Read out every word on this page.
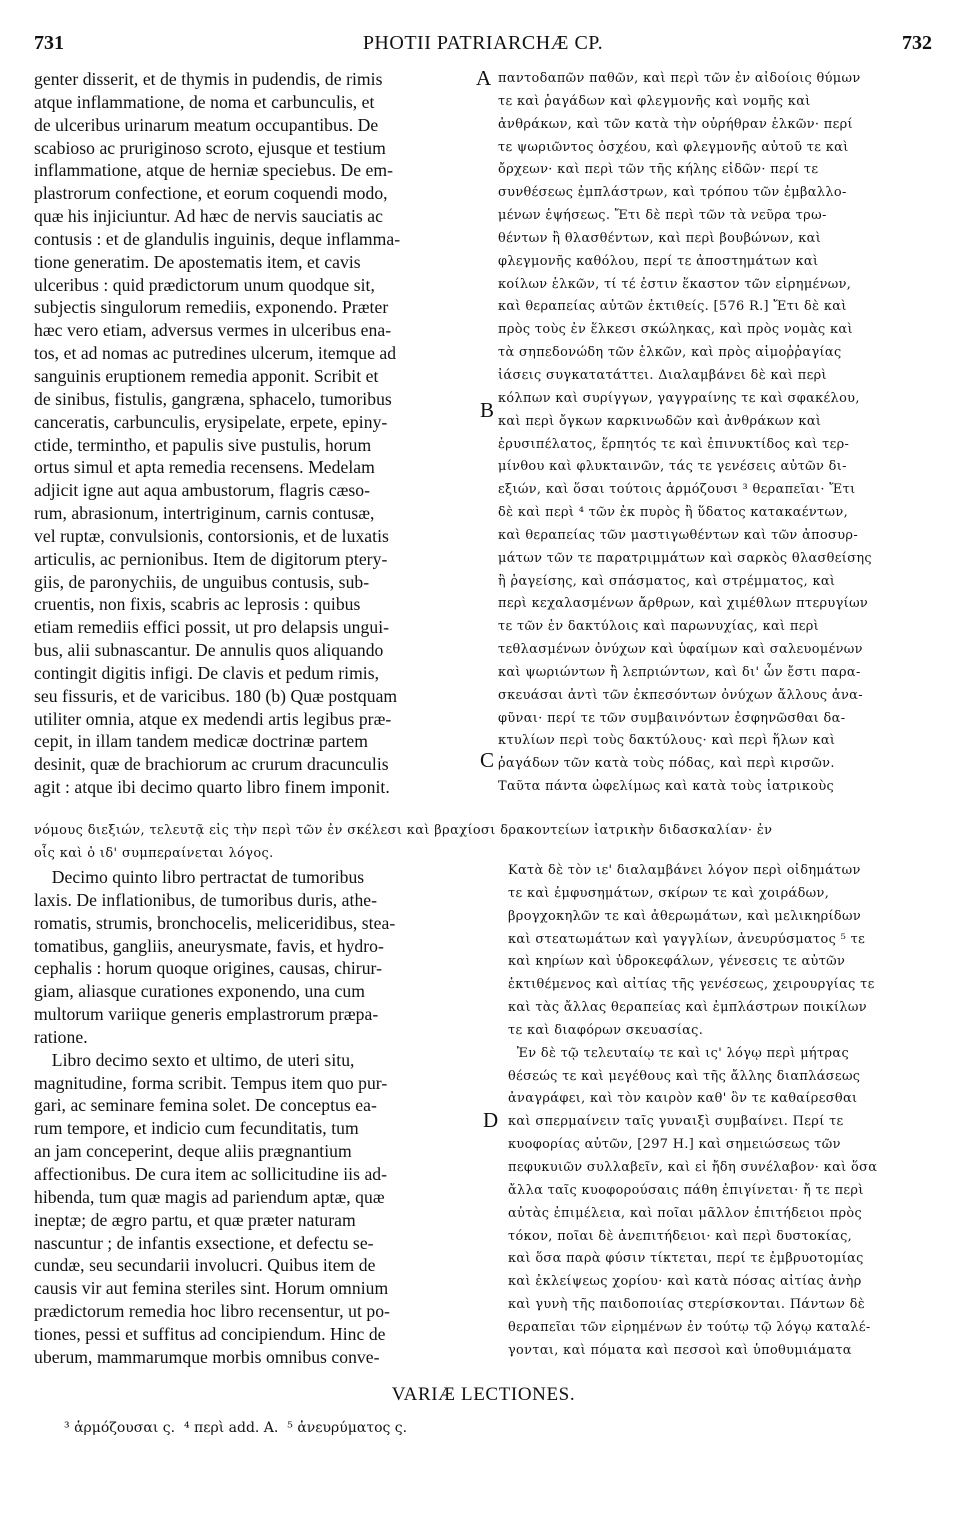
731	PHOTII PATRIARCHÆ CP.	732
genter disserit, et de thymis in pudendis, de rimis
atque inflammatione, de noma et carbunculis, et
de ulceribus urinarum meatum occupantibus. De
scabioso ac pruriginoso scroto, ejusque et testium
inflammatione, atque de herniæ speciebus. De em-
plastrorum confectione, et eorum coquendi modo,
quæ his injiciuntur. Ad hæc de nervis sauciatis ac
contusis : et de glandulis inguinis, deque inflamma-
tione generatim. De apostematis item, et cavis
ulceribus : quid prædictorum unum quodque sit,
subjectis singulorum remediis, exponendo. Præter
hæc vero etiam, adversus vermes in ulceribus ena-
tos, et ad nomas ac putredines ulcerum, itemque ad
sanguinis eruptionem remedia apponit. Scribit et
de sinibus, fistulis, gangræna, sphacelo, tumoribus
canceratis, carbunculis, erysipelate, erpete, epiny-
ctide, terminthо, et papulis sive pustulis, horum
ortus simul et apta remedia recensens. Medelam
adjicit igne aut aqua ambustorum, flagris cæso-
rum, abrasionum, intertriginum, carnis contusæ,
vel ruptæ, convulsionis, contorsionis, et de luxatis
articulis, ac pernionibus. Item de digitorum ptery-
giis, de paronychiis, de unguibus contusis, sub-
cruentis, non fixis, scabris ac leprosis : quibus
etiam remediis effici possit, ut pro delapsis ungui-
bus, alii subnascantur. De annulis quos aliquando
contingit digitis infigi. De clavis et pedum rimis,
seu fissuris, et de varicibus. 180 (b) Quæ postquam
utiliter omnia, atque ex medendi artis legibus præ-
cepit, in illam tandem medicæ doctrinæ partem
desinit, quæ de brachiorum ac crurum dracunculis
agit : atque ibi decimo quarto libro finem imponit.
παντοδαπῶν παθῶν, καὶ περὶ τῶν ἐν αἰδοίοις θύμων
τε καὶ ῥαγάδων καὶ φλεγμονῆς καὶ νομῆς καὶ
ἀνθράκων, καὶ τῶν κατὰ τὴν οὐρήθραν ἑλκῶν· περί
τε ψωριῶντος ὀσχέου, καὶ φλεγμονῆς αὐτοῦ τε καὶ
ὄρχεων· καὶ περὶ τῶν τῆς κήλης εἰδῶν· περί τε
συνθέσεως ἐμπλάστρων, καὶ τρόπου τῶν ἐμβαλλο-
μένων ἑψήσεως. Ἔτι δὲ περὶ τῶν τὰ νεῦρα τρω-
θέντων ἢ θλασθέντων, καὶ περὶ βουβώνων, καὶ
φλεγμονῆς καθόλου, περί τε ἀποστημάτων καὶ
κοίλων ἑλκῶν, τί τέ ἐστιν ἕκαστον τῶν εἰρημένων,
καὶ θεραπείας αὐτῶν ἐκτιθείς. [576 R.] Ἔτι δὲ καὶ
πρὸς τοὺς ἐν ἕλκεσι σκώληκας, καὶ πρὸς νομὰς καὶ
τὰ σηπεδονώδη τῶν ἑλκῶν, καὶ πρὸς αἱμοῤῥαγίας
ἰάσεις συγκατατάττει. Διαλαμβάνει δὲ καὶ περὶ
κόλπων καὶ συρίγγων, γαγγραίνης τε καὶ σφακέλου,
καὶ περὶ ὄγκων καρκινωδῶν καὶ ἀνθράκων καὶ
ἐρυσιπέλατος, ἕρπητός τε καὶ ἐπινυκτίδος καὶ τερ-
μίνθου καὶ φλυκταινῶν, τάς τε γενέσεις αὐτῶν δι-
εξιών, καὶ ὅσαι τούτοις ἁρμόζουσι ³ θεραπεῖαι· Ἔτι
δὲ καὶ περὶ ⁴ τῶν ἐκ πυρὸς ἢ ὕδατος κατακαέντων,
καὶ θεραπείας τῶν μαστιγωθέντων καὶ τῶν ἀποσυρ-
μάτων τῶν τε παρατριμμάτων καὶ σαρκὸς θλασθείσης
ἢ ῥαγείσης, καὶ σπάσματος, καὶ στρέμματος, καὶ
περὶ κεχαλασμένων ἄρθρων, καὶ χιμέθλων πτερυγίων
τε τῶν ἐν δακτύλοις καὶ παρωνυχίας, καὶ περὶ
τεθλασμένων ὀνύχων καὶ ὑφαίμων καὶ σαλευομένων
καὶ ψωριώντων ἢ λεπριώντων, καὶ δι' ὧν ἔστι παρα-
σκευάσαι ἀντὶ τῶν ἐκπεσόντων ὀνύχων ἄλλους ἀνα-
φῦναι· περί τε τῶν συμβαινόντων ἐσφηνῶσθαι δα-
κτυλίων περὶ τοὺς δακτύλους· καὶ περὶ ἥλων καὶ
ῥαγάδων τῶν κατὰ τοὺς πόδας, καὶ περὶ κιρσῶν.
Ταῦτα πάντα ὠφελίμως καὶ κατὰ τοὺς ἰατρικοὺς
A
B
C
D
νόμους διεξιών, τελευτᾷ εἰς τὴν περὶ τῶν ἐν σκέλεσι καὶ βραχίοσι δρακοντείων ἰατρικὴν διδασκαλίαν· ἐν
οἷς καὶ ὁ ιδ' συμπεραίνεται λόγος.
Decimo quinto libro pertractat de tumoribus
laxis. De inflationibus, de tumoribus duris, athe-
romatis, strumis, bronchocelis, meliceridibus, stea-
tomatibus, gangliis, aneurysmate, favis, et hydro-
cephalis : horum quoque origines, causas, chirur-
giam, aliasque curationes exponendo, una cum
multorum variique generis emplastrorum præpa-
ratione.
Libro decimo sexto et ultimo, de uteri situ,
magnitudine, forma scribit. Tempus item quo pur-
gari, ac seminare femina solet. De conceptus ea-
rum tempore, et indicio cum fecunditatis, tum
an jam conceperint, deque aliis prægnantium
affectionibus. De cura item ac sollicitudine iis ad-
hibenda, tum quæ magis ad pariendum aptæ, quæ
ineptæ; de ægro partu, et quæ præter naturam
nascuntur ; de infantis exsectione, et defectu se-
cundæ, seu secundarii involucri. Quibus item de
causis vir aut femina steriles sint. Horum omnium
prædictorum remedia hoc libro recensentur, ut po-
tiones, pessi et suffitus ad concipiendum. Hinc de
uberum, mammarumque morbis omnibus conve-
Κατὰ δὲ τὸν ιε' διαλαμβάνει λόγον περὶ οἰδημάτων
τε καὶ ἐμφυσημάτων, σκίρων τε καὶ χοιράδων,
βρογχοκηλῶν τε καὶ ἀθερωμάτων, καὶ μελικηρίδων
καὶ στεατωμάτων καὶ γαγγλίων, ἀνευρύσματος ⁵ τε
καὶ κηρίων καὶ ὑδροκεφάλων, γένεσεις τε αὐτῶν
ἐκτιθέμενος καὶ αἰτίας τῆς γενέσεως, χειρουργίας τε
καὶ τὰς ἄλλας θεραπείας καὶ ἐμπλάστρων ποικίλων
τε καὶ διαφόρων σκευασίας.
Ἐν δὲ τῷ τελευταίῳ τε καὶ ις' λόγῳ περὶ μήτρας
θέσεώς τε καὶ μεγέθους καὶ τῆς ἄλλης διαπλάσεως
ἀναγράφει, καὶ τὸν καιρὸν καθ' ὃν τε καθαίρεσθαι
καὶ σπερμαίνειν ταῖς γυναιξὶ συμβαίνει. Περί τε
κυοφορίας αὐτῶν, [297 H.] καὶ σημειώσεως τῶν
πεφυκυιῶν συλλαβεῖν, καὶ εἰ ἤδη συνέλαβον· καὶ ὅσα
ἄλλα ταῖς κυοφορούσαις πάθη ἐπιγίνεται· ἤ τε περὶ
αὐτὰς ἐπιμέλεια, καὶ ποῖαι μᾶλλον ἐπιτήδειοι πρὸς
τόκον, ποῖαι δὲ ἀνεπιτήδειοι· καὶ περὶ δυστοκίας,
καὶ ὅσα παρὰ φύσιν τίκτεται, περί τε ἐμβρυοτομίας
καὶ ἐκλείψεως χορίου· καὶ κατὰ πόσας αἰτίας ἀνὴρ
καὶ γυνὴ τῆς παιδοποιίας στερίσκονται. Πάντων δὲ
θεραπεῖαι τῶν εἰρημένων ἐν τούτῳ τῷ λόγῳ καταλέ-
γονται, καὶ πόματα καὶ πεσσοὶ καὶ ὑποθυμιάματα
VARIÆ LECTIONES.
³ ἁρμόζουσαι ς.  ⁴ περὶ add. A.  ⁵ ἀνευρύματος ς.
